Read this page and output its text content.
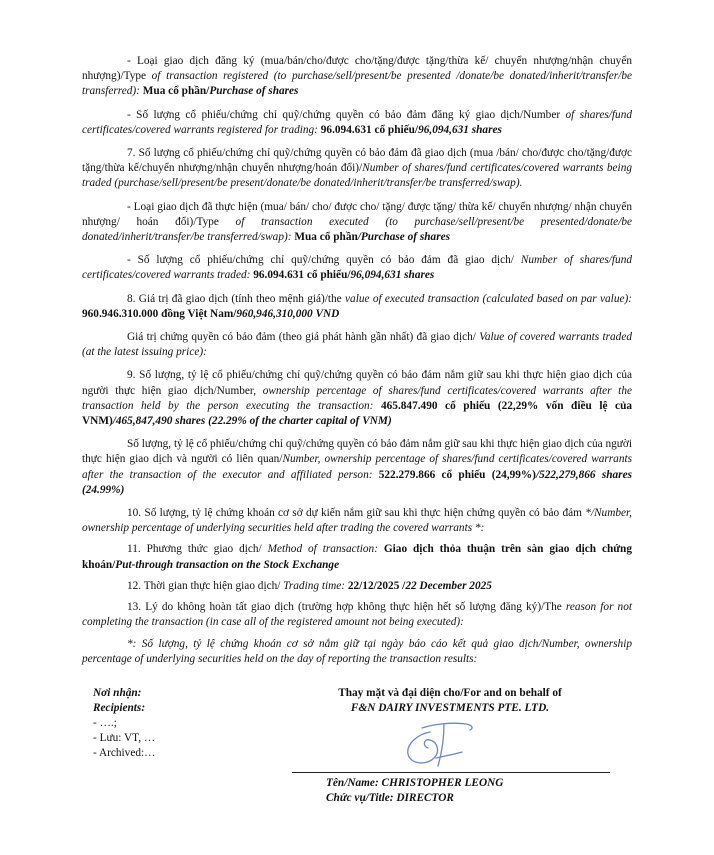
- Loại giao dịch đăng ký (mua/bán/cho/được cho/tặng/được tặng/thừa kế/ chuyển nhượng/nhận chuyển nhượng)/Type of transaction registered (to purchase/sell/present/be presented /donate/be donated/inherit/transfer/be transferred): Mua cổ phần/Purchase of shares

- Số lượng cổ phiếu/chứng chỉ quỹ/chứng quyền có bảo đảm đăng ký giao dịch/Number of shares/fund certificates/covered warrants registered for trading: 96.094.631 cổ phiếu/96,094,631 shares

7. Số lượng cổ phiếu/chứng chỉ quỹ/chứng quyền có bảo đảm đã giao dịch (mua /bán/ cho/được cho/tặng/được tặng/thừa kế/chuyển nhượng/nhận chuyển nhượng/hoán đổi)/Number of shares/fund certificates/covered warrants being traded (purchase/sell/present/be present/donate/be donated/inherit/transfer/be transferred/swap).

- Loại giao dịch đã thực hiện (mua/ bán/ cho/ được cho/ tặng/ được tặng/ thừa kế/ chuyển nhượng/ nhận chuyển nhượng/ hoán đổi)/Type of transaction executed (to purchase/sell/present/be presented/donate/be donated/inherit/transfer/be transferred/swap): Mua cổ phần/Purchase of shares

- Số lượng cổ phiếu/chứng chỉ quỹ/chứng quyền có bảo đảm đã giao dịch/ Number of shares/fund certificates/covered warrants traded: 96.094.631 cổ phiếu/96,094,631 shares

8. Giá trị đã giao dịch (tính theo mệnh giá)/the value of executed transaction (calculated based on par value): 960.946.310.000 đồng Việt Nam/960,946,310,000 VND

Giá trị chứng quyền có bảo đảm (theo giá phát hành gần nhất) đã giao dịch/ Value of covered warrants traded (at the latest issuing price):

9. Số lượng, tỷ lệ cổ phiếu/chứng chỉ quỹ/chứng quyền có bảo đảm nắm giữ sau khi thực hiện giao dịch của người thực hiện giao dịch/Number, ownership percentage of shares/fund certificates/covered warrants after the transaction held by the person executing the transaction: 465.847.490 cổ phiếu (22,29% vốn điều lệ của VNM)/465,847,490 shares (22.29% of the charter capital of VNM)

Số lượng, tỷ lệ cổ phiếu/chứng chỉ quỹ/chứng quyền có bảo đảm nắm giữ sau khi thực hiện giao dịch của người thực hiện giao dịch và người có liên quan/Number, ownership percentage of shares/fund certificates/covered warrants after the transaction of the executor and affiliated person: 522.279.866 cổ phiếu (24,99%)/522,279,866 shares (24.99%)

10. Số lượng, tỷ lệ chứng khoán cơ sở dự kiến nắm giữ sau khi thực hiện chứng quyền có bảo đảm */Number, ownership percentage of underlying securities held after trading the covered warrants *:

11. Phương thức giao dịch/ Method of transaction: Giao dịch thỏa thuận trên sàn giao dịch chứng khoán/Put-through transaction on the Stock Exchange

12. Thời gian thực hiện giao dịch/ Trading time: 22/12/2025 /22 December 2025

13. Lý do không hoàn tất giao dịch (trường hợp không thực hiện hết số lượng đăng ký)/The reason for not completing the transaction (in case all of the registered amount not being executed):

*: Số lượng, tỷ lệ chứng khoán cơ sở nắm giữ tại ngày báo cáo kết quả giao dịch/Number, ownership percentage of underlying securities held on the day of reporting the transaction results:

Nơi nhận:
Recipients:
- ….;
- Lưu: VT, …
- Archived:…
Thay mặt và đại diện cho/For and on behalf of
F&N DAIRY INVESTMENTS PTE. LTD.
Tên/Name: CHRISTOPHER LEONG
Chức vụ/Title: DIRECTOR
